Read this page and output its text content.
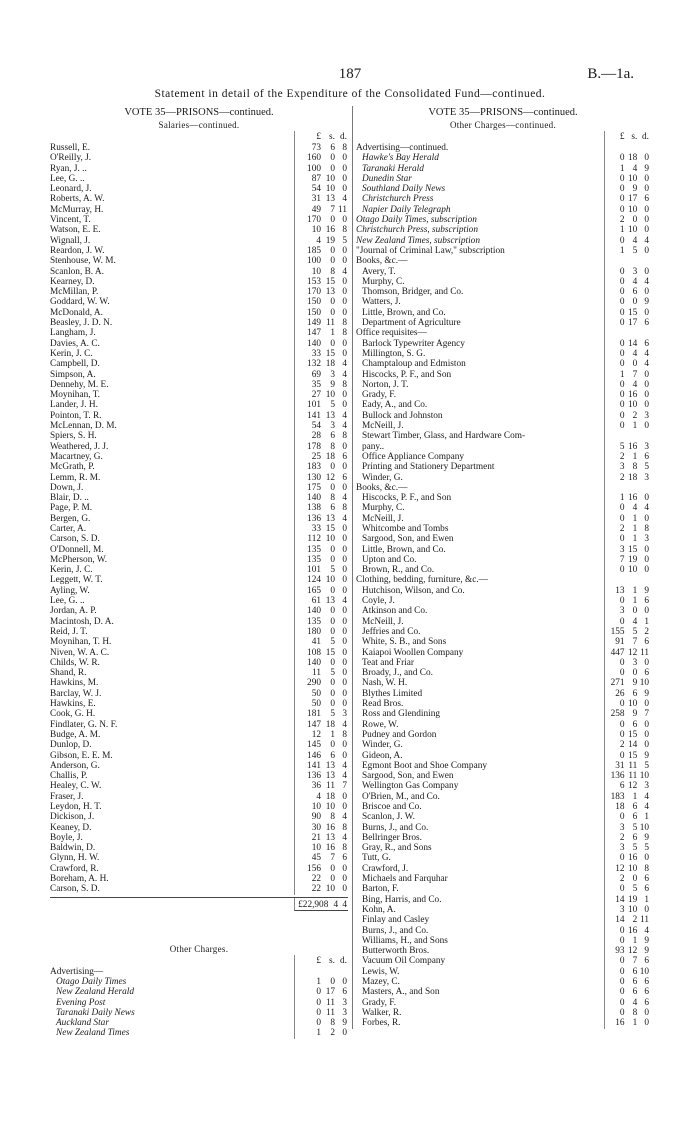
187	B.—1a.
Statement in detail of the Expenditure of the Consolidated Fund—continued.
VOTE 35—PRISONS—continued.
Salaries—continued.
£ s. d.
Russell, E.	73	6 8
O'Reilly, J.	160	0 0
Ryan, J. ..	100	0 0
Lee, G. ..	87 10 0
Leonard, J.	54 10 0
Roberts, A. W.	31 13 4
McMurray, H.	49	7 11
Vincent, T.	170	0 0
Watson, E. E.	10 16 8
Wignall, J.	4 19 5
Reardon, J. W.	185	0 0
Stenhouse, W. M.	100	0 0
Scanlon, B. A.	10	8 4
Kearney, D.	153 15 0
McMillan, P.	170 13 0
Goddard, W. W.	150	0 0
McDonald, A.	150	0 0
Beasley, J. D. N.	149 11 8
Langham, J.	147	1 8
Davies, A. C.	140	0 0
Kerin, J. C.	33 15 0
Campbell, D.	132 18 4
Simpson, A.	69	3 4
Dennehy, M. E.	35	9 8
Moynihan, T.	27 10 0
Lander, J. H.	101	5 0
Pointon, T. R.	141 13 4
McLennan, D. M.	54	3 4
Spiers, S. H.	28	6 8
Weathered, J. J.	178	8 0
Macartney, G.	25 18 6
McGrath, P.	183	0 0
Lemm, R. M.	130 12 6
Down, J.	175	0 0
Blair, D. ..	140	8 4
Page, P. M.	138	6 8
Bergen, G.	136 13 4
Carter, A.	33 15 0
Carson, S. D.	112 10 0
O'Donnell, M.	135	0 0
McPherson, W.	135	0 0
Kerin, J. C.	101	5 0
Leggett, W. T.	124 10 0
Ayling, W.	165	0 0
Lee, G. ..	61 13 4
Jordan, A. P.	140	0 0
Macintosh, D. A.	135	0 0
Reid, J. T.	180	0 0
Moynihan, T. H.	41	5 0
Niven, W. A. C.	108 15 0
Childs, W. R.	140	0 0
Shand, R.	11	5 0
Hawkins, M.	290	0 0
Barclay, W. J.	50	0 0
Hawkins, E.	50	0 0
Cook, G. H.	181	5 3
Findlater, G. N. F.	147 18 4
Budge, A. M.	12	1 8
Dunlop, D.	145	0 0
Gibson, E. E. M.	146	6 0
Anderson, G.	141 13 4
Challis, P.	136 13 4
Healey, C. W.	36 11 7
Fraser, J.	4 18 0
Leydon, H. T.	10 10 0
Dickison, J.	90	8 4
Keaney, D.	30 16 8
Boyle, J.	21 13 4
Baldwin, D.	10 16 8
Glynn, H. W.	45	7 6
Crawford, R.	156	0 0
Boreham, A. H.	22	0 0
Carson, S. D.	22 10 0
£22,908 4 4
Other Charges.
£ s. d.
Advertising—
Otago Daily Times	1	0 0
New Zealand Herald	0 17 6
Evening Post	0 11 3
Taranaki Daily News	0 11 3
Auckland Star	0	8 9
New Zealand Times	1	2 0
VOTE 35—PRISONS—continued.
Other Charges—continued.
£ s. d.
Advertising—continued.
Hawke's Bay Herald	0 18 0
Taranaki Herald	1 4 9
Dunedin Star	0 10 0
Southland Daily News	0 9 0
Christchurch Press	0 17 6
Napier Daily Telegraph	0 10 0
Otago Daily Times, subscription	2 0 0
Christchurch Press, subscription	1 10 0
New Zealand Times, subscription	0 4 4
"Journal of Criminal Law," subscription	1 5 0
Books, &c.—
Avery, T.	0 3 0
Murphy, C.	0 4 4
Thomson, Bridger, and Co.	0 6 0
Watters, J.	0 0 9
Little, Brown, and Co.	0 15 0
Department of Agriculture	0 17 6
Office requisites—
Barlock Typewriter Agency	0 14 6
Millington, S. G.	0 4 4
Champtaloup and Edmiston	0 0 4
Hiscocks, P. F., and Son	1 7 0
Norton, J. T.	0 4 0
Grady, F.	0 16 0
Eady, A., and Co.	0 10 0
Bullock and Johnston	0 2 3
McNeill, J.	0 1 0
Stewart Timber, Glass, and Hardware Com-
pany..	5 16 3
Office Appliance Company	2 1 6
Printing and Stationery Department	3 8 5
Winder, G.	2 18 3
Books, &c.—
Hiscocks, P. F., and Son	1 16 0
Murphy, C.	0 4 4
McNeill, J.	0 1 0
Whitcombe and Tombs	2 1 8
Sargood, Son, and Ewen	0 1 3
Little, Brown, and Co.	3 15 0
Upton and Co.	7 19 0
Brown, R., and Co.	0 10 0
Clothing, bedding, furniture, &c.—
Hutchison, Wilson, and Co.	13 1 9
Coyle, J.	0 1 6
Atkinson and Co.	3 0 0
McNeill, J.	0 4 1
Jeffries and Co.	155 5 2
White, S. B., and Sons	91 7 6
Kaiapoi Woollen Company	447 12 11
Teat and Friar	0 3 0
Broady, J., and Co.	0 0 6
Nash, W. H.	271 9 10
Blythes Limited	26 6 9
Read Bros.	0 10 0
Ross and Glendining	258 9 7
Rowe, W.	0 6 0
Pudney and Gordon	0 15 0
Winder, G.	2 14 0
Gideon, A.	0 15 9
Egmont Boot and Shoe Company	31 11 5
Sargood, Son, and Ewen	136 11 10
Wellington Gas Company	6 12 3
O'Brien, M., and Co.	183 1 4
Briscoe and Co.	18 6 4
Scanlon, J. W.	0 6 1
Burns, J., and Co.	3 5 10
Bellringer Bros.	2 6 9
Gray, R., and Sons	3 5 5
Tutt, G.	0 16 0
Crawford, J.	12 10 8
Michaels and Farquhar	2 0 6
Barton, F.	0 5 6
Bing, Harris, and Co.	14 19 1
Kohn, A.	3 10 0
Finlay and Casley	14 2 11
Burns, J., and Co.	0 16 4
Williams, H., and Sons	0 1 9
Butterworth Bros.	93 12 9
Vacuum Oil Company	0 7 6
Lewis, W.	0 6 10
Mazey, C.	0 6 6
Masters, A., and Son	0 6 6
Grady, F.	0 4 6
Walker, R.	0 8 0
Forbes, R.	16 1 0
